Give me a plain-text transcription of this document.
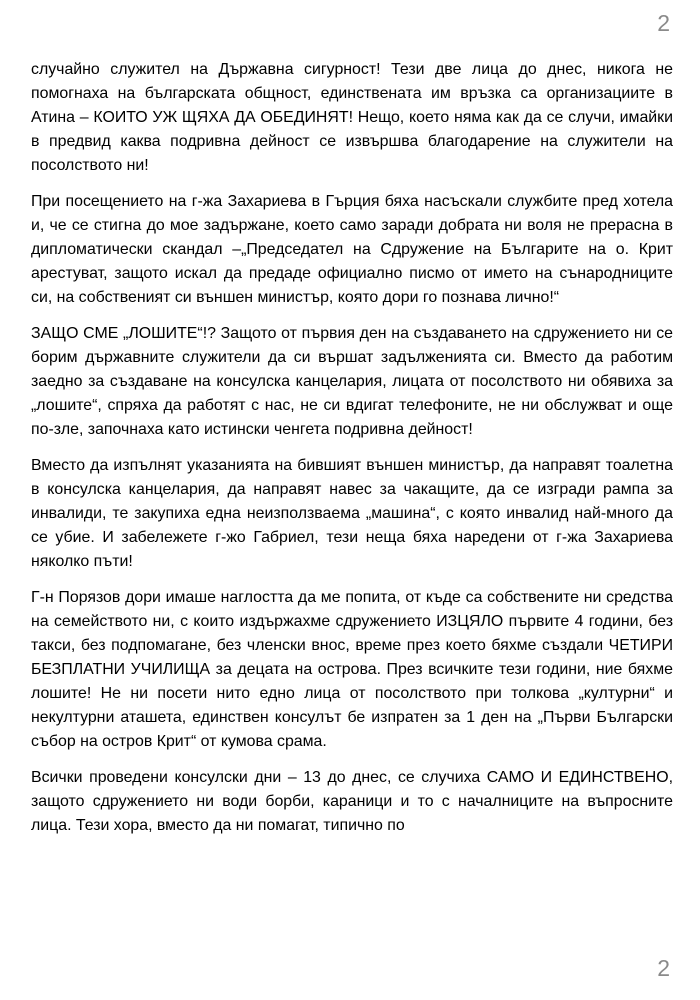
2

случайно служител на Държавна сигурност! Тези две лица до днес, никога не помогнаха на българската общност, единствената им връзка са организациите в Атина – КОИТО УЖ ЩЯХА ДА ОБЕДИНЯТ! Нещо, което няма как да се случи, имайки в предвид каква подривна дейност се извършва благодарение на служители на посолството ни!

При посещението на г-жа Захариева в Гърция бяха насъскали службите пред хотела и, че се стигна до мое задържане, което само заради добрата ни воля не прерасна в дипломатически скандал –„Председател на Сдружение на Българите на о. Крит арестуват, защото искал да предаде официално писмо от името на сънародниците си, на собственият си външен министър, която дори го познава лично!“

ЗАЩО СМЕ „ЛОШИТЕ“!? Защото от първия ден на създаването на сдружението ни се борим държавните служители да си вършат задълженията си. Вместо да работим заедно за създаване на консулска канцелария, лицата от посолството ни обявиха за „лошите“, спряха да работят с нас, не си вдигат телефоните, не ни обслужват и още по-зле, започнаха като истински ченгета подривна дейност!

Вместо да изпълнят указанията на бившият външен министър, да направят тоалетна в консулска канцелария, да направят навес за чакащите, да се изгради рампа за инвалиди, те закупиха една неизползваема „машина“, с която инвалид най-много да се убие. И забележете г-жо Габриел, тези неща бяха наредени от г-жа Захариева няколко пъти!

Г-н Порязов дори имаше наглостта да ме попита, от къде са собствените ни средства на семейството ни, с които издържахме сдружението ИЗЦЯЛО първите 4 години, без такси, без подпомагане, без членски внос, време през което бяхме създали ЧЕТИРИ БЕЗПЛАТНИ УЧИЛИЩА за децата на острова. През всичките тези години, ние бяхме лошите! Не ни посети нито едно лица от посолството при толкова „културни“ и некултурни аташета, единствен консулът бе изпратен за 1 ден на „Първи Български събор на остров Крит“ от кумова срама.

Всички проведени консулски дни – 13 до днес, се случиха САМО И ЕДИНСТВЕНО, защото сдружението ни води борби, караници и то с началниците на въпросните лица. Тези хора, вместо да ни помагат, типично по

2
